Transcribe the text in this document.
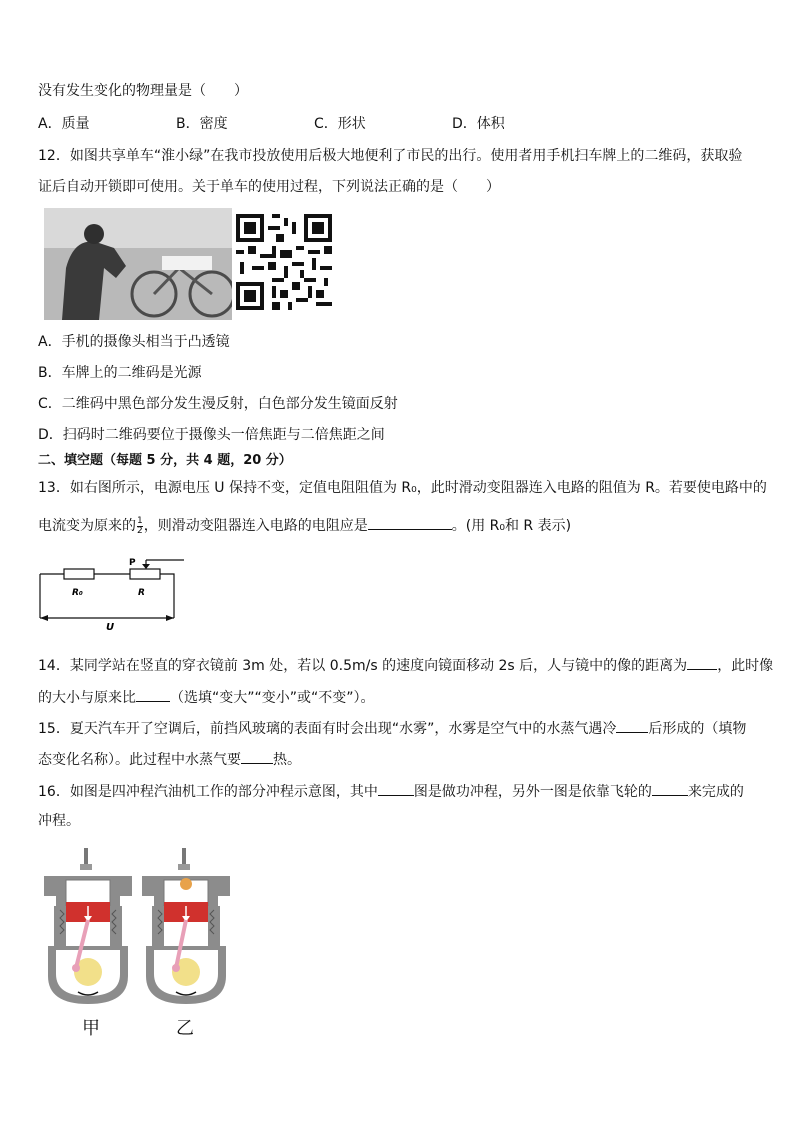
没有发生变化的物理量是（　　）
A．质量	B．密度	C．形状	D．体积
12．如图共享单车“淮小绿”在我市投放使用后极大地便利了市民的出行。使用者用手机扫车牌上的二维码，获取验
证后自动开锁即可使用。关于单车的使用过程，下列说法正确的是（　　）
A．手机的摄像头相当于凸透镜
B．车牌上的二维码是光源
C．二维码中黑色部分发生漫反射，白色部分发生镜面反射
D．扫码时二维码要位于摄像头一倍焦距与二倍焦距之间
二、填空题（每题 5 分，共 4 题，20 分）
13．如右图所示，电源电压 U 保持不变，定值电阻阻值为 R₀，此时滑动变阻器连入电路的阻值为 R。若要使电路中的
电流变为原来的 $\frac{1}{2}$ ，则滑动变阻器连入电路的电阻应是	。(用 R₀和 R 表示)
P
R₀	R
U
14．某同学站在竖直的穿衣镜前 3m 处，若以 0.5m/s 的速度向镜面移动 2s 后，人与镜中的像的距离为 ，此时像
的大小与原来比 （选填“变大”“变小”或“不变”）。
15．夏天汽车开了空调后，前挡风玻璃的表面有时会出现“水雾”，水雾是空气中的水蒸气遇冷 后形成的（填物
态变化名称）。此过程中水蒸气要 热。
16．如图是四冲程汽油机工作的部分冲程示意图，其中	图是做功冲程，另外一图是依靠飞轮的	来完成的
冲程。
甲	乙
